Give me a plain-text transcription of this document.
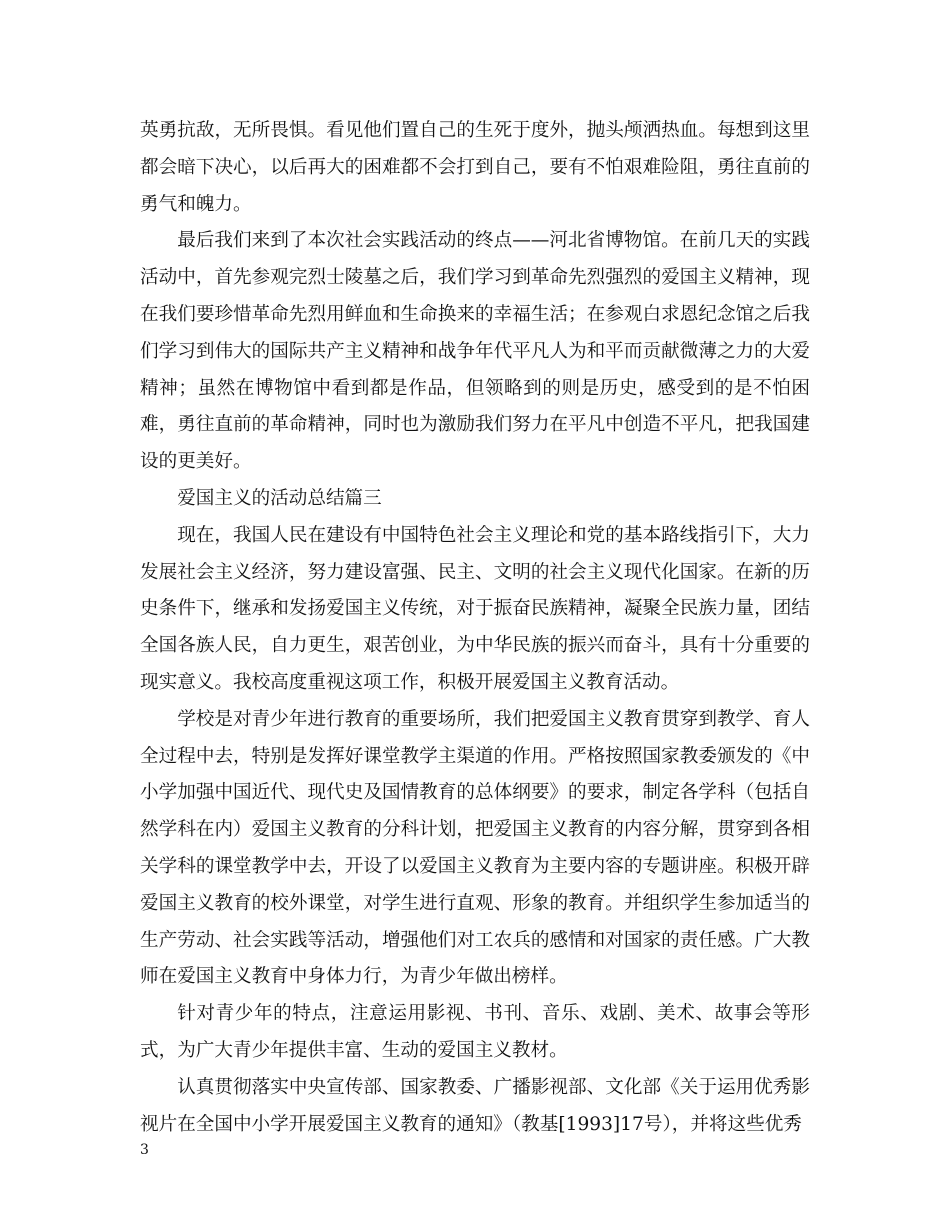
英勇抗敌，无所畏惧。看见他们置自己的生死于度外，抛头颅洒热血。每想到这里都会暗下决心，以后再大的困难都不会打到自己，要有不怕艰难险阻，勇往直前的勇气和魄力。

最后我们来到了本次社会实践活动的终点——河北省博物馆。在前几天的实践活动中，首先参观完烈士陵墓之后，我们学习到革命先烈强烈的爱国主义精神，现在我们要珍惜革命先烈用鲜血和生命换来的幸福生活；在参观白求恩纪念馆之后我们学习到伟大的国际共产主义精神和战争年代平凡人为和平而贡献微薄之力的大爱精神；虽然在博物馆中看到都是作品，但领略到的则是历史，感受到的是不怕困难，勇往直前的革命精神，同时也为激励我们努力在平凡中创造不平凡，把我国建设的更美好。

爱国主义的活动总结篇三

现在，我国人民在建设有中国特色社会主义理论和党的基本路线指引下，大力发展社会主义经济，努力建设富强、民主、文明的社会主义现代化国家。在新的历史条件下，继承和发扬爱国主义传统，对于振奋民族精神，凝聚全民族力量，团结全国各族人民，自力更生，艰苦创业，为中华民族的振兴而奋斗，具有十分重要的现实意义。我校高度重视这项工作，积极开展爱国主义教育活动。

学校是对青少年进行教育的重要场所，我们把爱国主义教育贯穿到教学、育人全过程中去，特别是发挥好课堂教学主渠道的作用。严格按照国家教委颁发的《中小学加强中国近代、现代史及国情教育的总体纲要》的要求，制定各学科（包括自然学科在内）爱国主义教育的分科计划，把爱国主义教育的内容分解，贯穿到各相关学科的课堂教学中去，开设了以爱国主义教育为主要内容的专题讲座。积极开辟爱国主义教育的校外课堂，对学生进行直观、形象的教育。并组织学生参加适当的生产劳动、社会实践等活动，增强他们对工农兵的感情和对国家的责任感。广大教师在爱国主义教育中身体力行，为青少年做出榜样。

针对青少年的特点，注意运用影视、书刊、音乐、戏剧、美术、故事会等形式，为广大青少年提供丰富、生动的爱国主义教材。

认真贯彻落实中央宣传部、国家教委、广播影视部、文化部《关于运用优秀影视片在全国中小学开展爱国主义教育的通知》（教基[1993]17号），并将这些优秀

3
